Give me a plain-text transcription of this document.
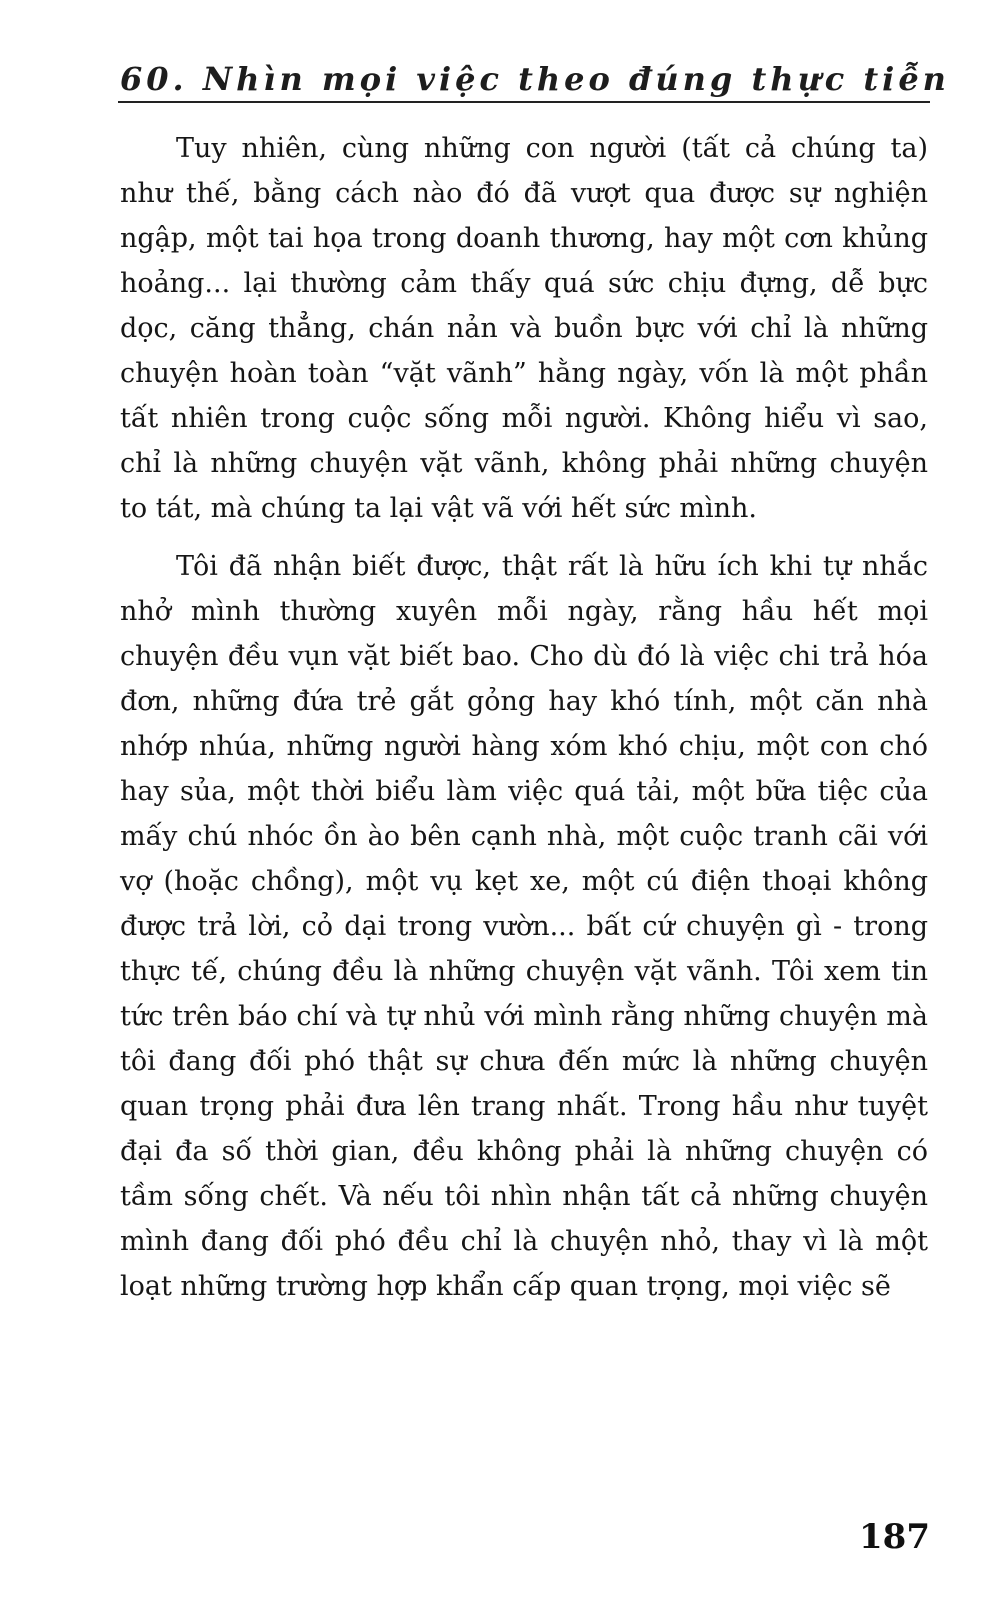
60. Nhìn mọi việc theo đúng thực tiễn

Tuy nhiên, cùng những con người (tất cả chúng ta) như thế, bằng cách nào đó đã vượt qua được sự nghiện ngập, một tai họa trong doanh thương, hay một cơn khủng hoảng... lại thường cảm thấy quá sức chịu đựng, dễ bực dọc, căng thẳng, chán nản và buồn bực với chỉ là những chuyện hoàn toàn “vặt vãnh” hằng ngày, vốn là một phần tất nhiên trong cuộc sống mỗi người. Không hiểu vì sao, chỉ là những chuyện vặt vãnh, không phải những chuyện to tát, mà chúng ta lại vật vã với hết sức mình.

Tôi đã nhận biết được, thật rất là hữu ích khi tự nhắc nhở mình thường xuyên mỗi ngày, rằng hầu hết mọi chuyện đều vụn vặt biết bao. Cho dù đó là việc chi trả hóa đơn, những đứa trẻ gắt gỏng hay khó tính, một căn nhà nhớp nhúa, những người hàng xóm khó chịu, một con chó hay sủa, một thời biểu làm việc quá tải, một bữa tiệc của mấy chú nhóc ồn ào bên cạnh nhà, một cuộc tranh cãi với vợ (hoặc chồng), một vụ kẹt xe, một cú điện thoại không được trả lời, cỏ dại trong vườn... bất cứ chuyện gì - trong thực tế, chúng đều là những chuyện vặt vãnh. Tôi xem tin tức trên báo chí và tự nhủ với mình rằng những chuyện mà tôi đang đối phó thật sự chưa đến mức là những chuyện quan trọng phải đưa lên trang nhất. Trong hầu như tuyệt đại đa số thời gian, đều không phải là những chuyện có tầm sống chết. Và nếu tôi nhìn nhận tất cả những chuyện mình đang đối phó đều chỉ là chuyện nhỏ, thay vì là một loạt những trường hợp khẩn cấp quan trọng, mọi việc sẽ

187
